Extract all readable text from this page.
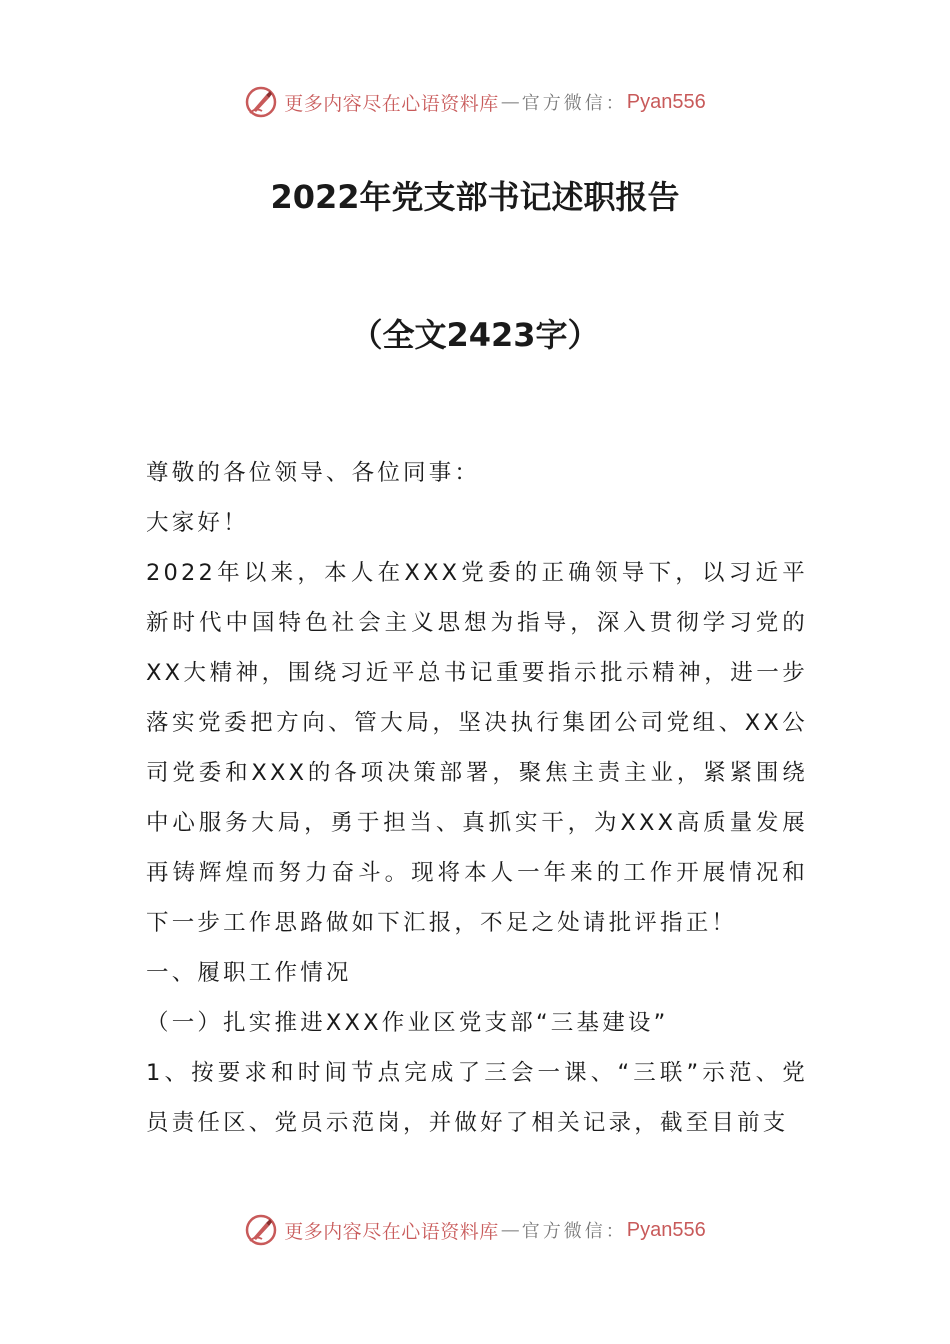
更多内容尽在心语资料库 — 官方微信： Pyan556
2022年党支部书记述职报告
（全文2423字）

尊敬的各位领导、各位同事：

大家好！

2022年以来，本人在XXX党委的正确领导下，以习近平新时代中国特色社会主义思想为指导，深入贯彻学习党的XX大精神，围绕习近平总书记重要指示批示精神，进一步落实党委把方向、管大局，坚决执行集团公司党组、XX公司党委和XXX的各项决策部署，聚焦主责主业，紧紧围绕中心服务大局，勇于担当、真抓实干，为XXX高质量发展再铸辉煌而努力奋斗。现将本人一年来的工作开展情况和下一步工作思路做如下汇报，不足之处请批评指正！

一、履职工作情况

（一）扎实推进XXX作业区党支部“三基建设”

1、按要求和时间节点完成了三会一课、“三联”示范、党员责任区、党员示范岗，并做好了相关记录，截至目前支

更多内容尽在心语资料库 — 官方微信： Pyan556
